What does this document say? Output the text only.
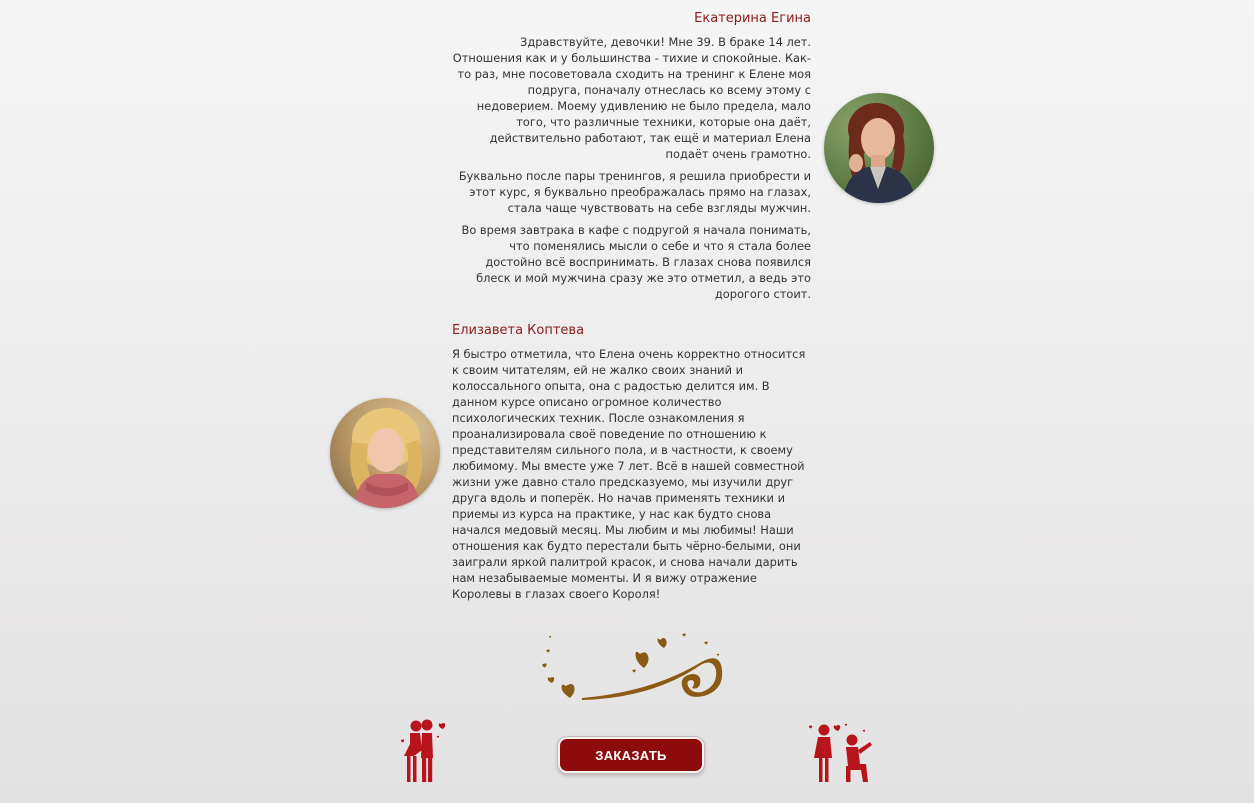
Екатерина Егина

Здравствуйте, девочки! Мне 39. В браке 14 лет. Отношения как и у большинства - тихие и спокойные. Как-то раз, мне посоветовала сходить на тренинг к Елене моя подруга, поначалу отнеслась ко всему этому с недоверием. Моему удивлению не было предела, мало того, что различные техники, которые она даёт, действительно работают, так ещё и материал Елена подаёт очень грамотно.

Буквально после пары тренингов, я решила приобрести и этот курс, я буквально преображалась прямо на глазах, стала чаще чувствовать на себе взгляды мужчин.

Во время завтрака в кафе с подругой я начала понимать, что поменялись мысли о себе и что я стала более достойно всё воспринимать. В глазах снова появился блеск и мой мужчина сразу же это отметил, а ведь это дорогого стоит.

Елизавета Коптева

Я быстро отметила, что Елена очень корректно относится к своим читателям, ей не жалко своих знаний и колоссального опыта, она с радостью делится им. В данном курсе описано огромное количество психологических техник. После ознакомления я проанализировала своё поведение по отношению к представителям сильного пола, и в частности, к своему любимому. Мы вместе уже 7 лет. Всё в нашей совместной жизни уже давно стало предсказуемо, мы изучили друг друга вдоль и поперёк. Но начав применять техники и приемы из курса на практике, у нас как будто снова начался медовый месяц. Мы любим и мы любимы! Наши отношения как будто перестали быть чёрно-белыми, они заиграли яркой палитрой красок, и снова начали дарить нам незабываемые моменты. И я вижу отражение Королевы в глазах своего Короля!

ЗАКАЗАТЬ
